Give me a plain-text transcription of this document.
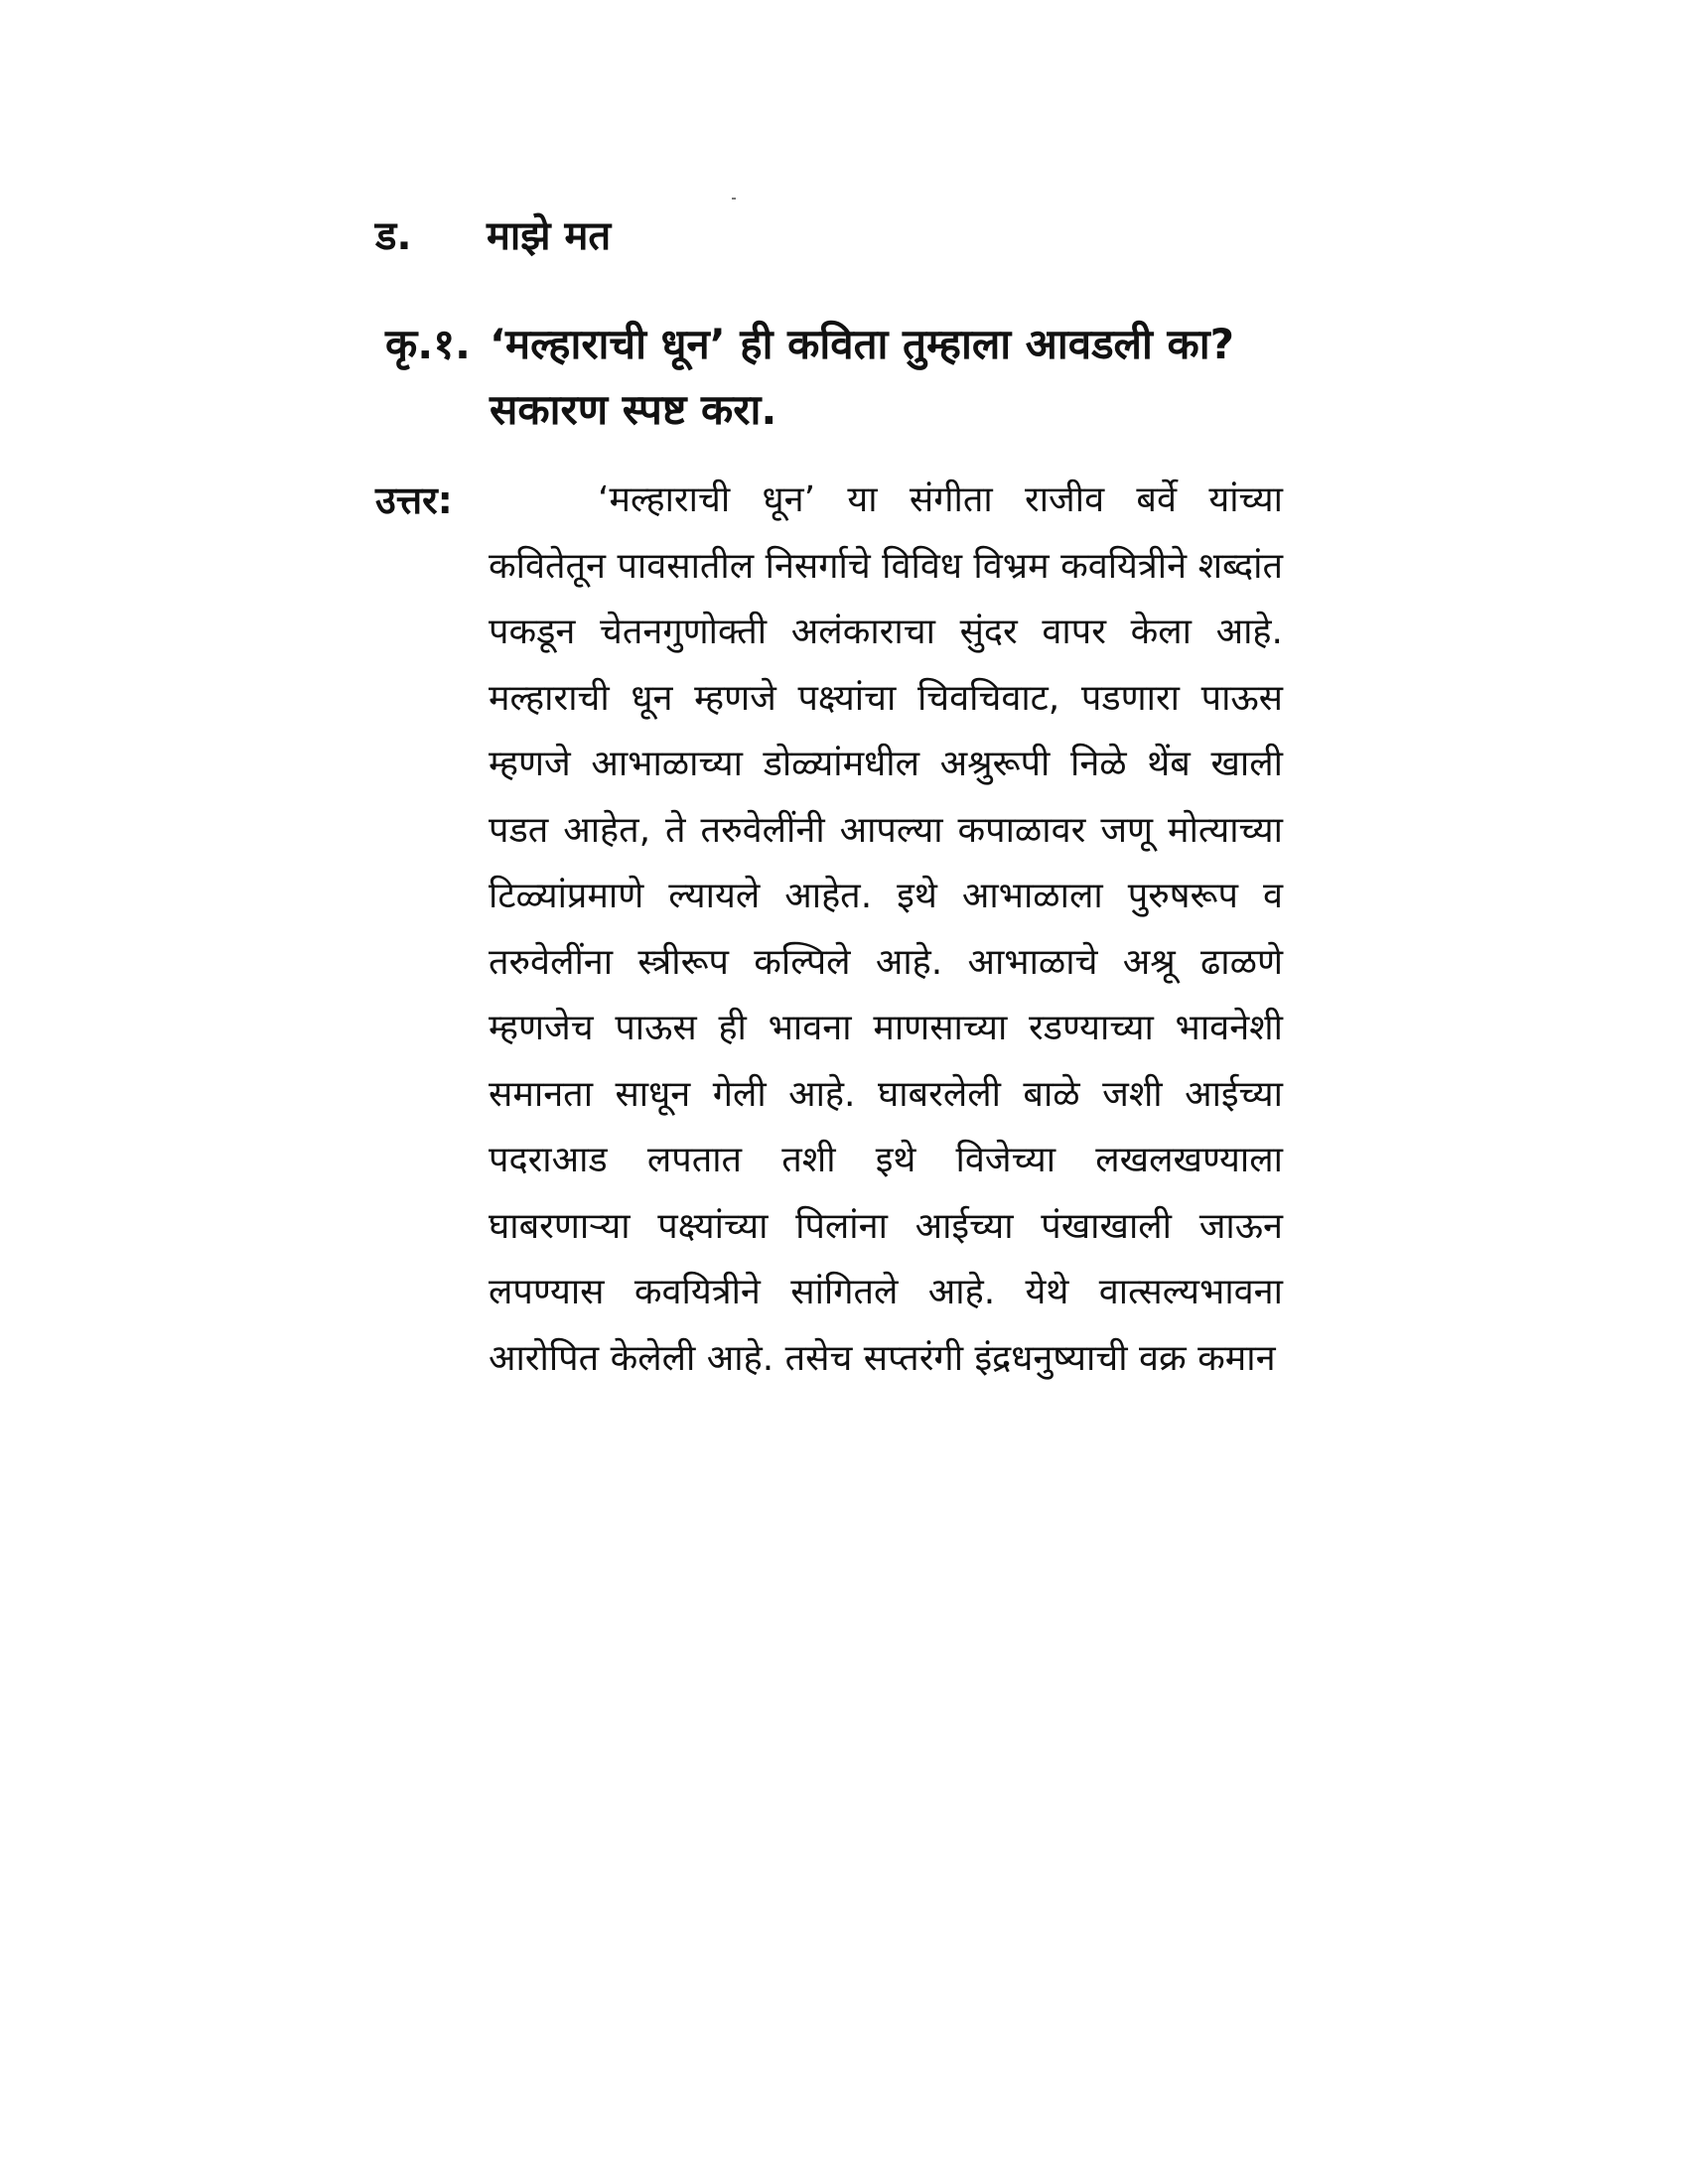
ड. माझे मत
कृ.१. ‘मल्हाराची धून’ ही कविता तुम्हाला आवडली का? सकारण स्पष्ट करा.
उत्तर:	‘मल्हाराची धून’ या संगीता राजीव बर्वे यांच्या कवितेतून पावसातील निसर्गाचे विविध विभ्रम कवयित्रीने शब्दांत पकडून चेतनगुणोक्ती अलंकाराचा सुंदर वापर केला आहे. मल्हाराची धून म्हणजे पक्ष्यांचा चिवचिवाट, पडणारा पाऊस म्हणजे आभाळाच्या डोळ्यांमधील अश्रुरूपी निळे थेंब खाली पडत आहेत, ते तरुवेलींनी आपल्या कपाळावर जणू मोत्याच्या टिळ्यांप्रमाणे ल्यायले आहेत. इथे आभाळाला पुरुषरूप व तरुवेलींना स्त्रीरूप कल्पिले आहे. आभाळाचे अश्रू ढाळणे म्हणजेच पाऊस ही भावना माणसाच्या रडण्याच्या भावनेशी समानता साधून गेली आहे. घाबरलेली बाळे जशी आईच्या पदराआड लपतात तशी इथे विजेच्या लखलखण्याला घाबरणाऱ्या पक्ष्यांच्या पिलांना आईच्या पंखाखाली जाऊन लपण्यास कवयित्रीने सांगितले आहे. येथे वात्सल्यभावना आरोपित केलेली आहे. तसेच सप्तरंगी इंद्रधनुष्याची वक्र कमान
